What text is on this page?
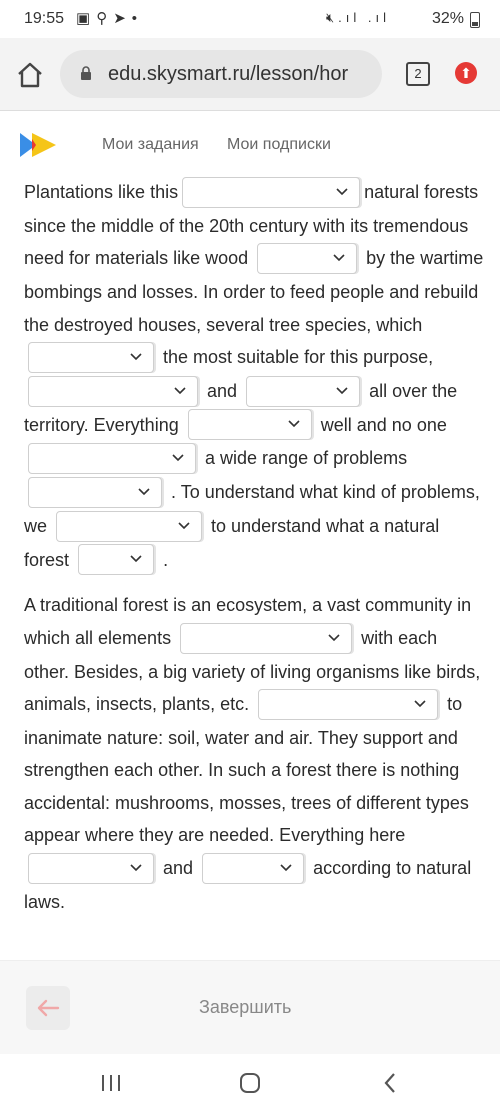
19:55 ▣⚲➤•	🔇︎.ıl .ıl	32%
edu.skysmart.ru/lesson/hor	2	⬆
Мои задания Мои подписки

Plantations like this	natural forests since the middle of the 20th century with its tremendous need for materials like wood	by the wartime bombings and losses. In order to feed people and rebuild the destroyed houses, several tree species, which
the most suitable for this purpose,
and	all over the territory. Everything	well and no one
a wide range of problems
. To understand what kind of problems, we	to understand what a natural forest	.

A traditional forest is an ecosystem, a vast community in which all elements	with each other. Besides, a big variety of living organisms like birds, animals, insects, plants, etc.	to inanimate nature: soil, water and air. They support and strengthen each other. In such a forest there is nothing accidental: mushrooms, mosses, trees of different types appear where they are needed. Everything here
and	according to natural laws.

Завершить
